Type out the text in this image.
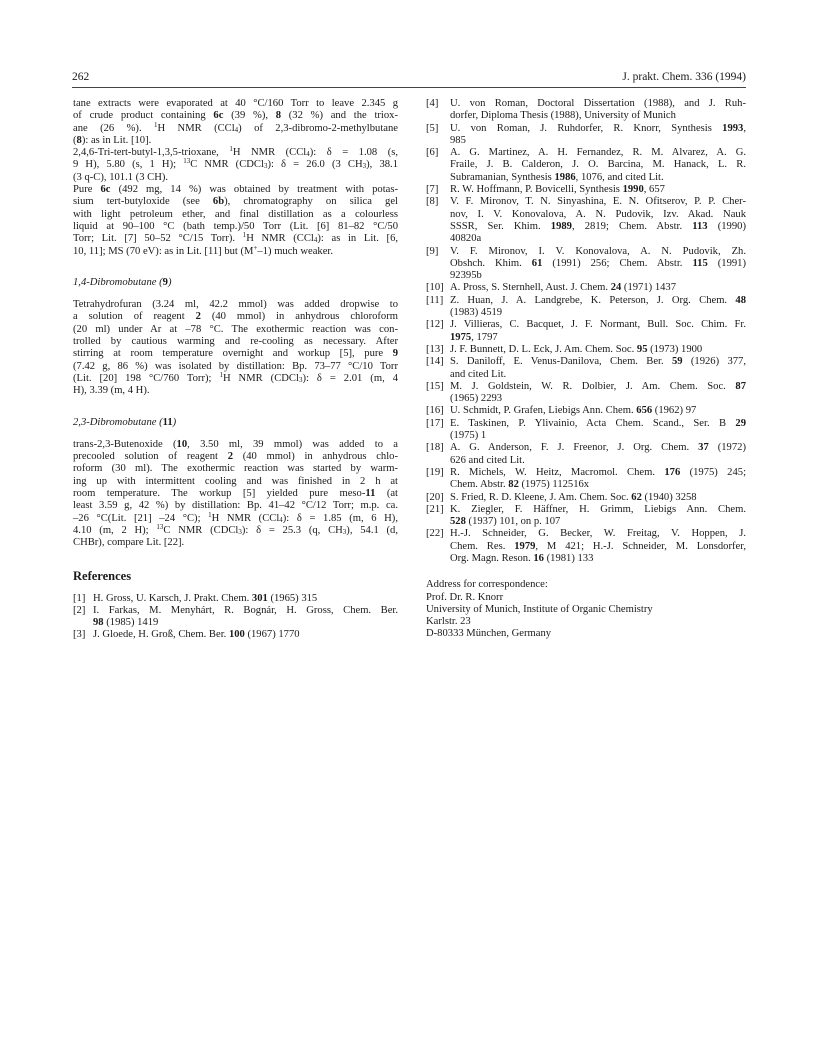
262	J. prakt. Chem. 336 (1994)
tane extracts were evaporated at 40 °C/160 Torr to leave 2.345 g
of crude product containing 6c (39 %), 8 (32 %) and the triox-
ane (26 %). $^1$H NMR (CCl$_4$) of 2,3-dibromo-2-methylbutane
(8): as in Lit. [10].
2,4,6-Tri-tert-butyl-1,3,5-trioxane, $^1$H NMR (CCl$_4$): δ = 1.08 (s,
9 H), 5.80 (s, 1 H); $^{13}$C NMR (CDCl$_3$): δ = 26.0 (3 $CH_3$), 38.1
(3 q-C), 101.1 (3 CH).
Pure 6c (492 mg, 14 %) was obtained by treatment with potas-
sium tert-butyloxide (see 6b), chromatography on silica gel
with light petroleum ether, and final distillation as a colourless
liquid at 90–100 °C (bath temp.)/50 Torr (Lit. [6] 81–82 °C/50
Torr; Lit. [7] 50–52 °C/15 Torr). $^1$H NMR (CCl$_4$): as in Lit. [6,
10, 11]; MS (70 eV): as in Lit. [11] but (M+–1) much weaker.
1,4-Dibromobutane (9)
Tetrahydrofuran (3.24 ml, 42.2 mmol) was added dropwise to
a solution of reagent 2 (40 mmol) in anhydrous chloroform
(20 ml) under Ar at –78 °C. The exothermic reaction was con-
trolled by cautious warming and re-cooling as necessary. After
stirring at room temperature overnight and workup [5], pure 9
(7.42 g, 86 %) was isolated by distillation: Bp. 73–77 °C/10 Torr
(Lit. [20] 198 °C/760 Torr); $^1$H NMR (CDCl$_3$): δ = 2.01 (m, 4
H), 3.39 (m, 4 H).
2,3-Dibromobutane (11)
trans-2,3-Butenoxide (10, 3.50 ml, 39 mmol) was added to a
precooled solution of reagent 2 (40 mmol) in anhydrous chlo-
roform (30 ml). The exothermic reaction was started by warm-
ing up with intermittent cooling and was finished in 2 h at
room temperature. The workup [5] yielded pure meso-11 (at
least 3.59 g, 42 %) by distillation: Bp. 41–42 °C/12 Torr; m.p. ca.
–26 °C(Lit. [21] –24 °C); $^1$H NMR (CCl$_4$): δ = 1.85 (m, 6 H),
4.10 (m, 2 H); $^{13}$C NMR (CDCl$_3$): δ = 25.3 (q, $CH_3$), 54.1 (d,
CHBr), compare Lit. [22].
References
[1] H. Gross, U. Karsch, J. Prakt. Chem. 301 (1965) 315
[2] I. Farkas, M. Menyhárt, R. Bognár, H. Gross, Chem. Ber.
98 (1985) 1419
[3] J. Gloede, H. Groß, Chem. Ber. 100 (1967) 1770
[4] U. von Roman, Doctoral Dissertation (1988), and J. Ruh-
dorfer, Diploma Thesis (1988), University of Munich
[5] U. von Roman, J. Ruhdorfer, R. Knorr, Synthesis 1993,
985
[6] A. G. Martinez, A. H. Fernandez, R. M. Alvarez, A. G.
Fraile, J. B. Calderon, J. O. Barcina, M. Hanack, L. R.
Subramanian, Synthesis 1986, 1076, and cited Lit.
[7] R. W. Hoffmann, P. Bovicelli, Synthesis 1990, 657
[8] V. F. Mironov, T. N. Sinyashina, E. N. Ofitserov, P. P. Cher-
nov, I. V. Konovalova, A. N. Pudovik, Izv. Akad. Nauk
SSSR, Ser. Khim. 1989, 2819; Chem. Abstr. 113 (1990)
40820a
[9] V. F. Mironov, I. V. Konovalova, A. N. Pudovik, Zh.
Obshch. Khim. 61 (1991) 256; Chem. Abstr. 115 (1991)
92395b
[10] A. Pross, S. Sternhell, Aust. J. Chem. 24 (1971) 1437
[11] Z. Huan, J. A. Landgrebe, K. Peterson, J. Org. Chem. 48
(1983) 4519
[12] J. Villieras, C. Bacquet, J. F. Normant, Bull. Soc. Chim. Fr.
1975, 1797
[13] J. F. Bunnett, D. L. Eck, J. Am. Chem. Soc. 95 (1973) 1900
[14] S. Daniloff, E. Venus-Danilova, Chem. Ber. 59 (1926) 377,
and cited Lit.
[15] M. J. Goldstein, W. R. Dolbier, J. Am. Chem. Soc. 87
(1965) 2293
[16] U. Schmidt, P. Grafen, Liebigs Ann. Chem. 656 (1962) 97
[17] E. Taskinen, P. Ylivainio, Acta Chem. Scand., Ser. B 29
(1975) 1
[18] A. G. Anderson, F. J. Freenor, J. Org. Chem. 37 (1972)
626 and cited Lit.
[19] R. Michels, W. Heitz, Macromol. Chem. 176 (1975) 245;
Chem. Abstr. 82 (1975) 112516x
[20] S. Fried, R. D. Kleene, J. Am. Chem. Soc. 62 (1940) 3258
[21] K. Ziegler, F. Häffner, H. Grimm, Liebigs Ann. Chem.
528 (1937) 101, on p. 107
[22] H.-J. Schneider, G. Becker, W. Freitag, V. Hoppen, J.
Chem. Res. 1979, M 421; H.-J. Schneider, M. Lonsdorfer,
Org. Magn. Reson. 16 (1981) 133
Address for correspondence:
Prof. Dr. R. Knorr
University of Munich, Institute of Organic Chemistry
Karlstr. 23
D-80333 München, Germany
